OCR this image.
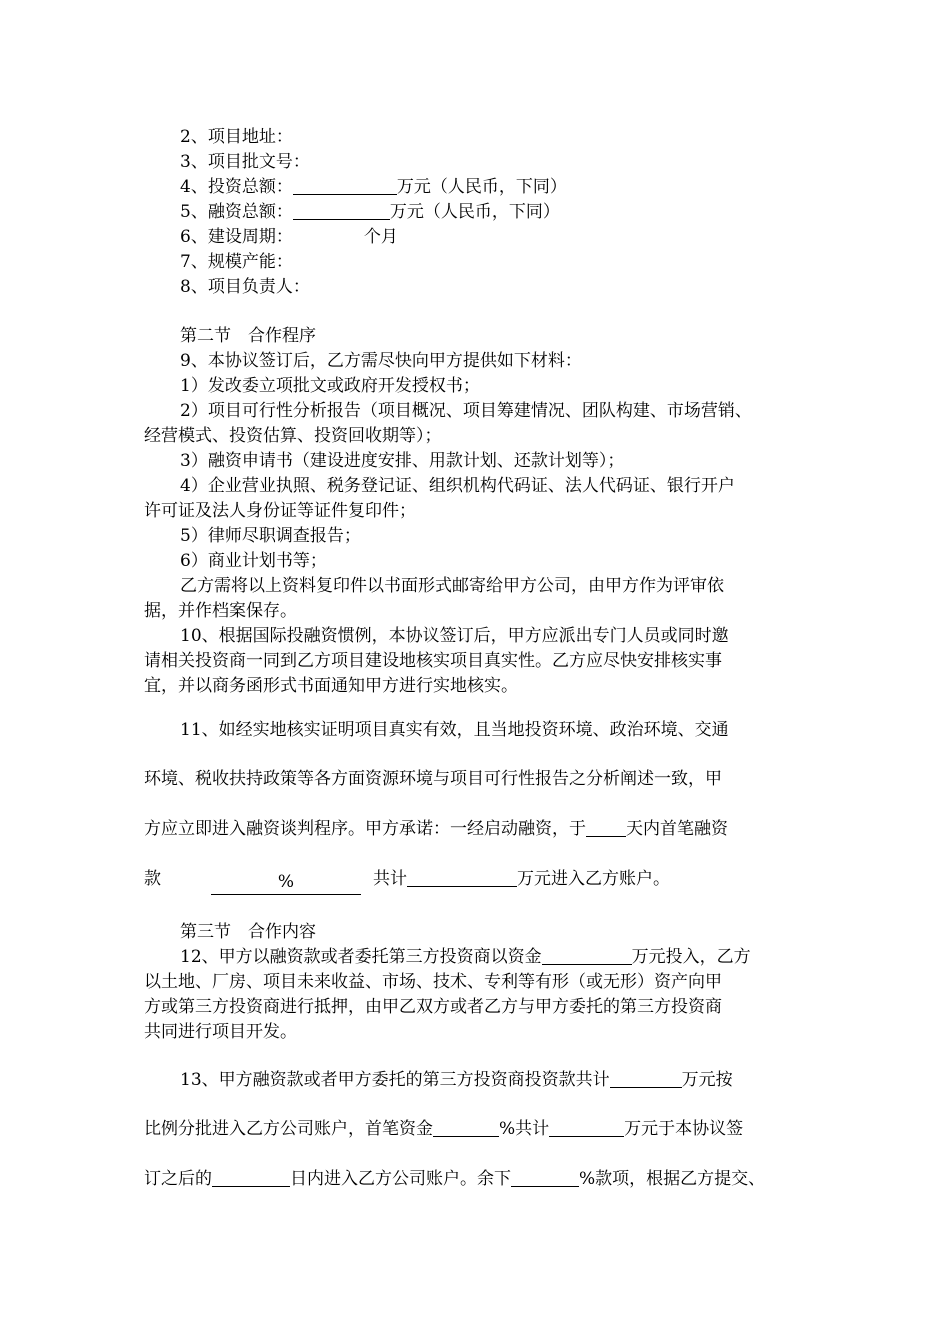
2、项目地址：
3、项目批文号：
4、投资总额：	万元（人民币，下同）
5、融资总额：	万元（人民币，下同）
6、建设周期：	个月
7、规模产能：
8、项目负责人：
第二节　合作程序
9、本协议签订后，乙方需尽快向甲方提供如下材料：
1）发改委立项批文或政府开发授权书；
2）项目可行性分析报告（项目概况、项目筹建情况、团队构建、市场营销、
经营模式、投资估算、投资回收期等）；
3）融资申请书（建设进度安排、用款计划、还款计划等）；
4）企业营业执照、税务登记证、组织机构代码证、法人代码证、银行开户
许可证及法人身份证等证件复印件；
5）律师尽职调查报告；
6）商业计划书等；
乙方需将以上资料复印件以书面形式邮寄给甲方公司，由甲方作为评审依
据，并作档案保存。
10、根据国际投融资惯例，本协议签订后，甲方应派出专门人员或同时邀
请相关投资商一同到乙方项目建设地核实项目真实性。乙方应尽快安排核实事
宜，并以商务函形式书面通知甲方进行实地核实。
11、如经实地核实证明项目真实有效，且当地投资环境、政治环境、交通
环境、税收扶持政策等各方面资源环境与项目可行性报告之分析阐述一致，甲
方应立即进入融资谈判程序。甲方承诺：一经启动融资，于 天内首笔融资
款	%	共计	万元进入乙方账户。
第三节　合作内容
12、甲方以融资款或者委托第三方投资商以资金	万元投入，乙方
以土地、厂房、项目未来收益、市场、技术、专利等有形（或无形）资产向甲
方或第三方投资商进行抵押，由甲乙双方或者乙方与甲方委托的第三方投资商
共同进行项目开发。
13、甲方融资款或者甲方委托的第三方投资商投资款共计	万元按
比例分批进入乙方公司账户，首笔资金	%共计	万元于本协议签
订之后的	日内进入乙方公司账户。余下	%款项，根据乙方提交、
